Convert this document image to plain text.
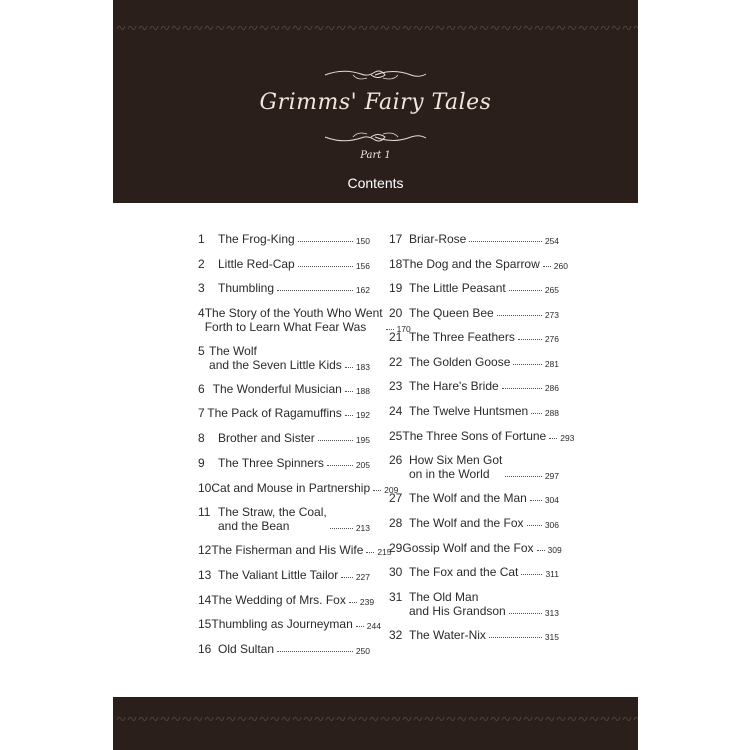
Grimms' Fairy Tales
Part 1
Contents
1	The Frog-King	150
2	Little Red-Cap	156
3	Thumbling	162
4 The Story of the Youth Who Went
Forth to Learn What Fear Was	170
5 The Wolf
and the Seven Little Kids 183
6 The Wonderful Musician 188
7 The Pack of Ragamuffins 192
8	Brother and Sister	195
9	The Three Spinners	205
10 Cat and Mouse in Partnership 209
11 The Straw, the Coal,
and the Bean	213
12 The Fisherman and His Wife 215
13 The Valiant Little Tailor 227
14 The Wedding of Mrs. Fox 239
15 Thumbling as Journeyman 244
16 Old Sultan	250
17 Briar-Rose	254
18 The Dog and the Sparrow 260
19 The Little Peasant	265
20 The Queen Bee	273
21 The Three Feathers	276
22 The Golden Goose	281
23 The Hare's Bride	286
24 The Twelve Huntsmen 288
25 The Three Sons of Fortune 293
26 How Six Men Got
on in the World	297
27 The Wolf and the Man 304
28 The Wolf and the Fox	306
29 Gossip Wolf and the Fox 309
30 The Fox and the Cat	311
31 The Old Man
and His Grandson	313
32 The Water-Nix	315
